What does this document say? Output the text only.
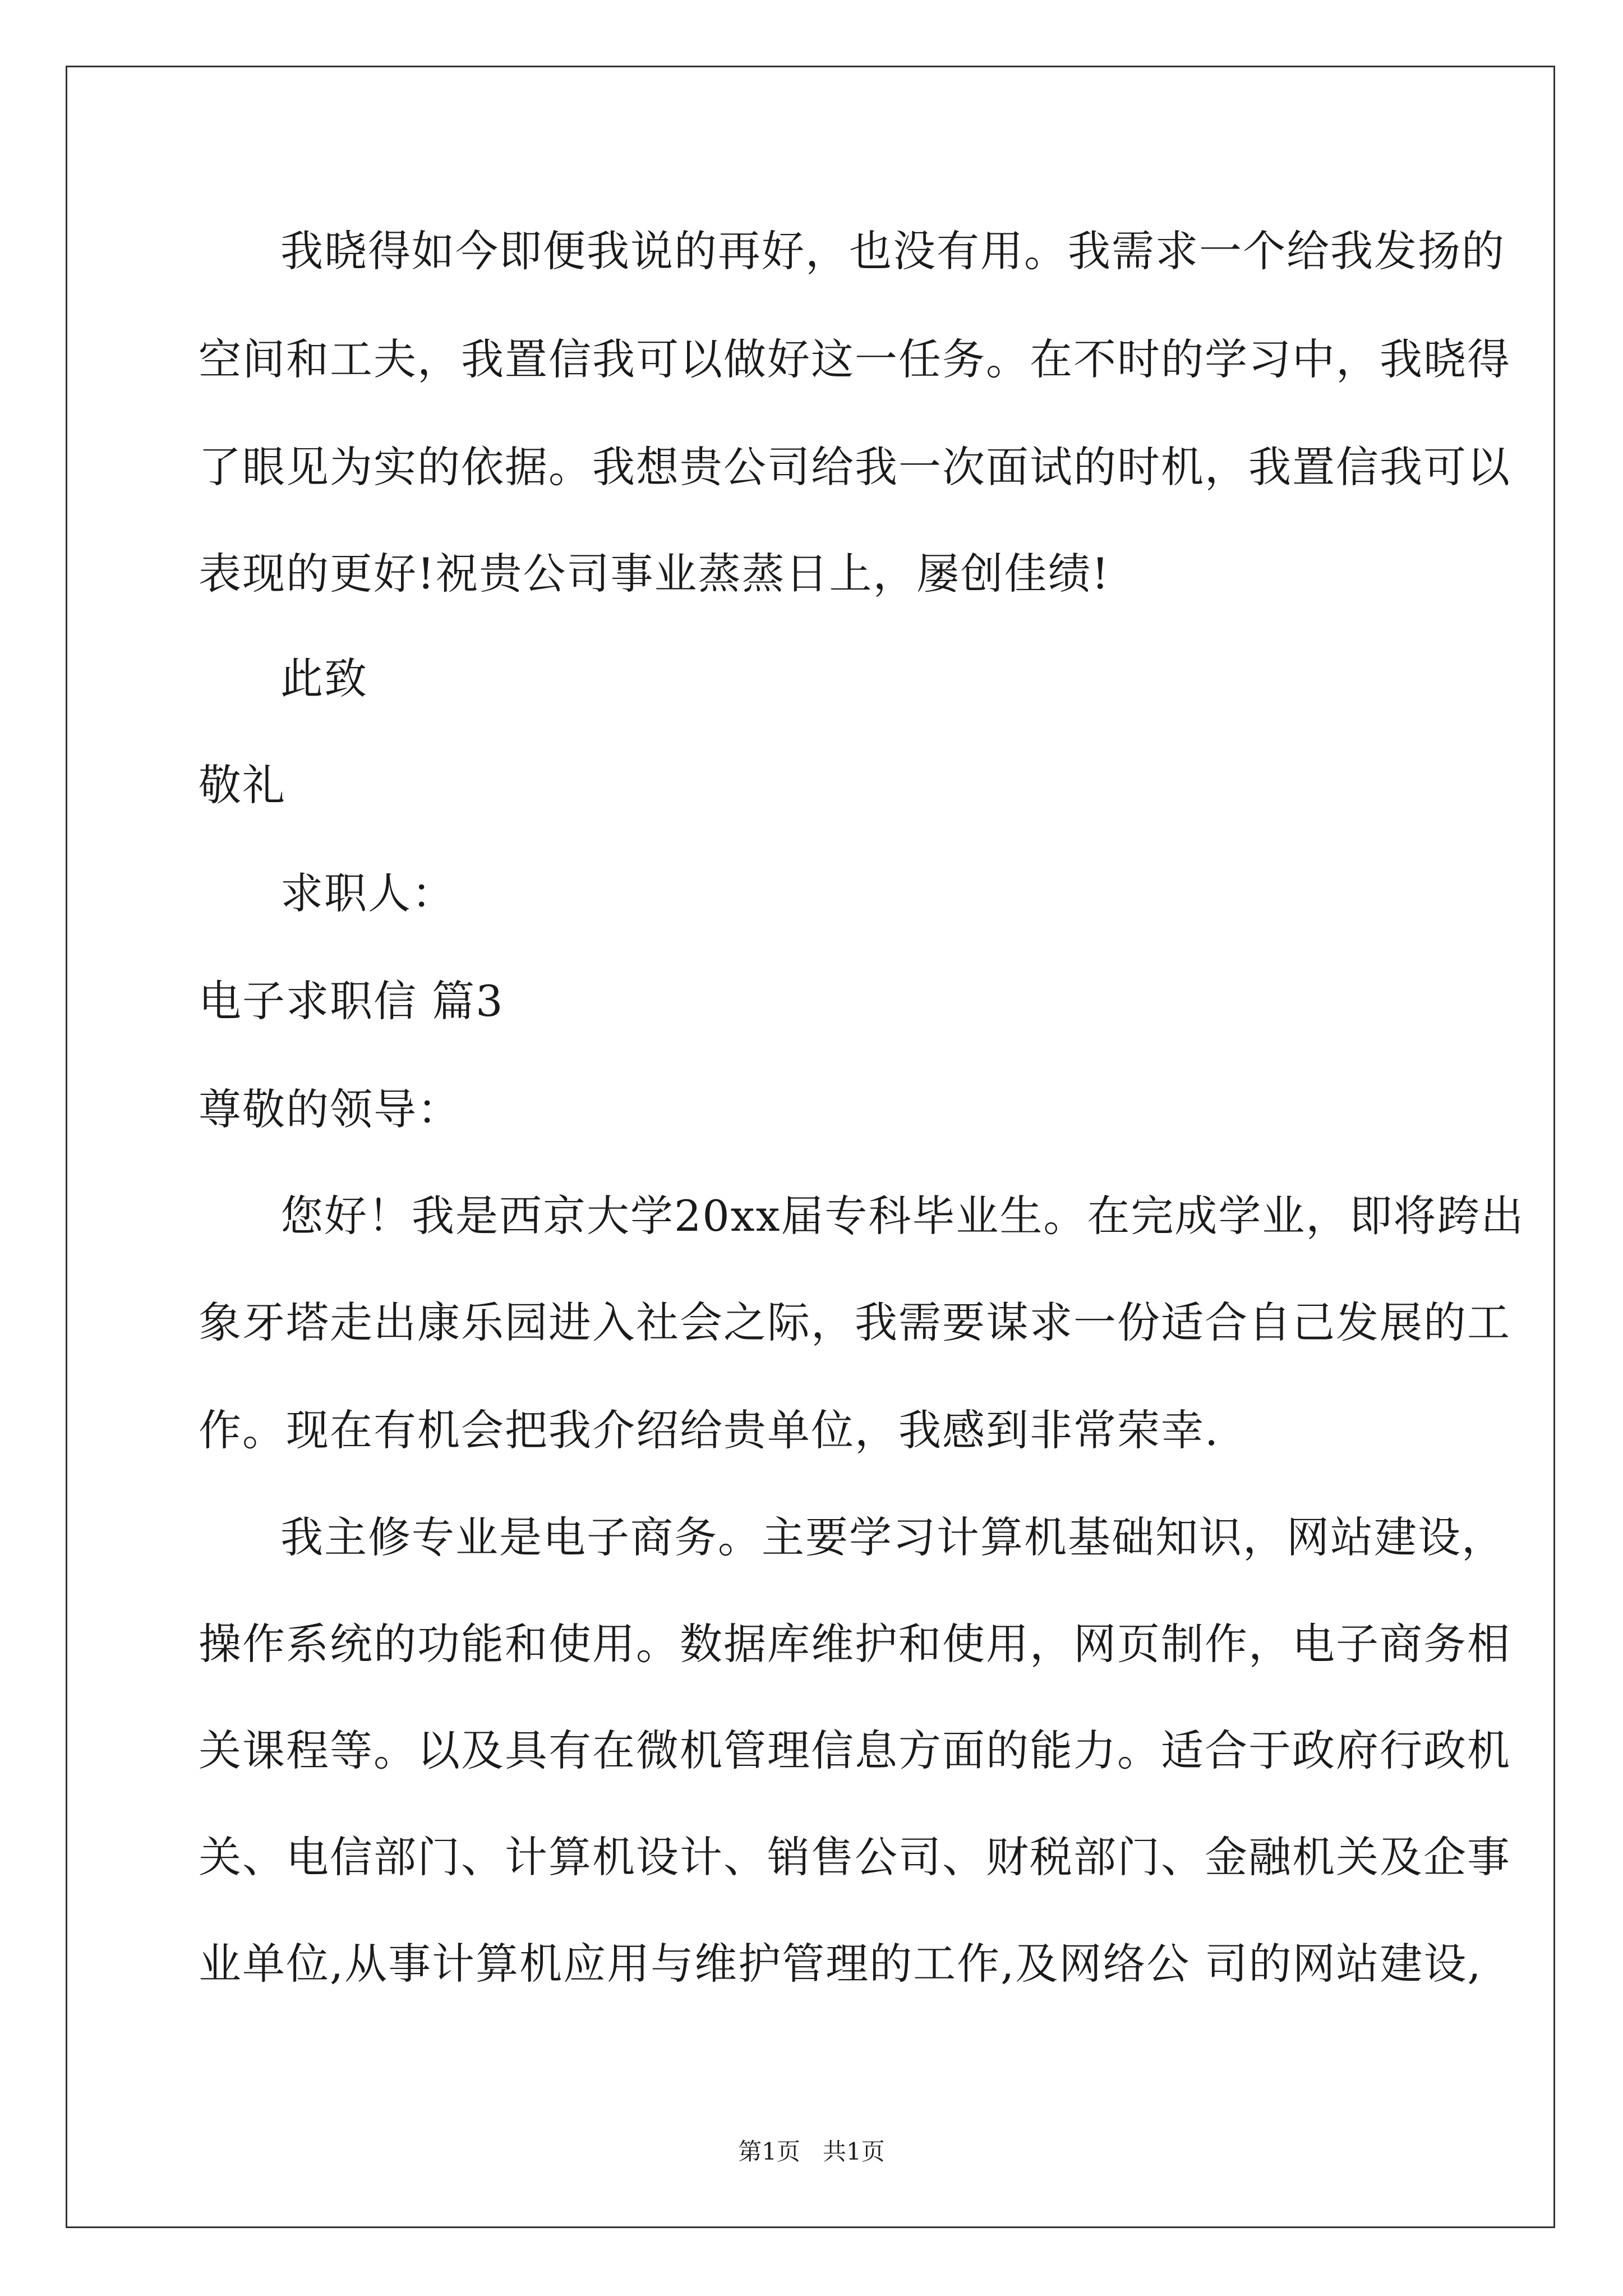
我晓得如今即便我说的再好，也没有用。我需求一个给我发扬的
空间和工夫，我置信我可以做好这一任务。在不时的学习中，我晓得
了眼见为实的依据。我想贵公司给我一次面试的时机，我置信我可以
表现的更好!祝贵公司事业蒸蒸日上，屡创佳绩!
此致
敬礼
求职人：
电子求职信 篇3
尊敬的领导：
您好！我是西京大学20xx届专科毕业生。在完成学业，即将跨出
象牙塔走出康乐园进入社会之际，我需要谋求一份适合自己发展的工
作。现在有机会把我介绍给贵单位，我感到非常荣幸.
我主修专业是电子商务。主要学习计算机基础知识，网站建设，
操作系统的功能和使用。数据库维护和使用，网页制作，电子商务相
关课程等。以及具有在微机管理信息方面的能力。适合于政府行政机
关、电信部门、计算机设计、销售公司、财税部门、金融机关及企事
业单位,从事计算机应用与维护管理的工作,及网络公 司的网站建设,
第1页 共1页
